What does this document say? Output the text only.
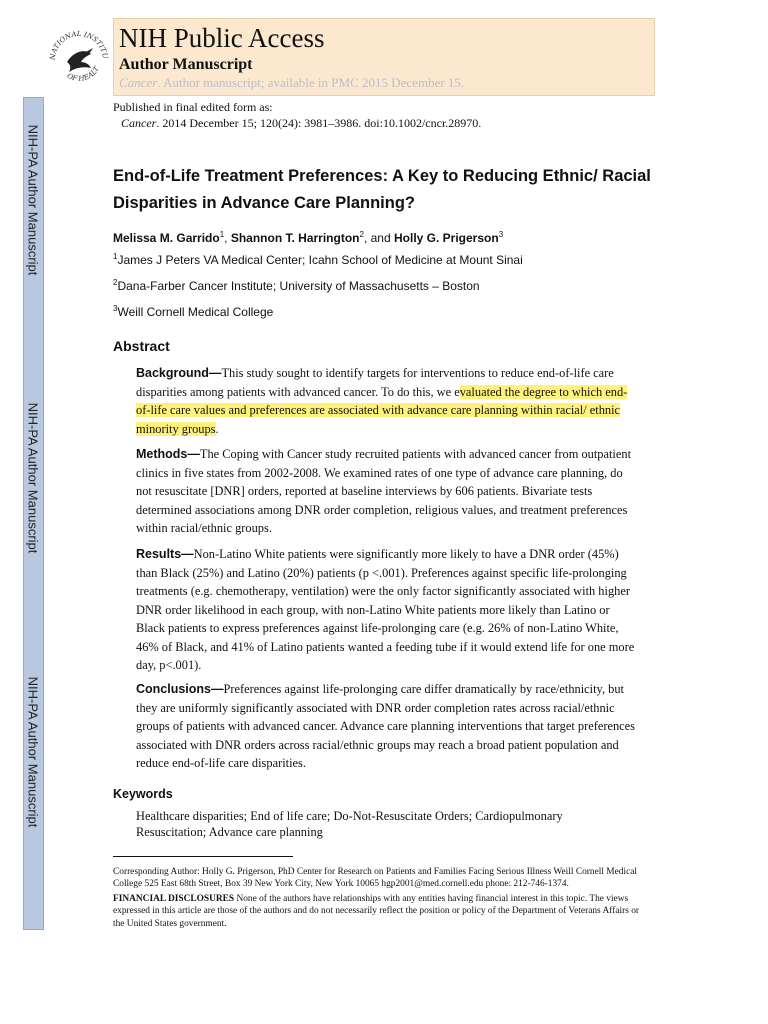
NIH-PA Author Manuscript
NIH-PA Author Manuscript
NIH-PA Author Manuscript
NATIONAL INSTITU
OF HEALT
NIH Public Access
Author Manuscript
Cancer. Author manuscript; available in PMC 2015 December 15.
Published in final edited form as:
Cancer. 2014 December 15; 120(24): 3981–3986. doi:10.1002/cncr.28970.
End-of-Life Treatment Preferences: A Key to Reducing Ethnic/ Racial Disparities in Advance Care Planning?
Melissa M. Garrido$^1$, Shannon T. Harrington$^2$, and Holly G. Prigerson$^3$
$^1$James J Peters VA Medical Center; Icahn School of Medicine at Mount Sinai
$^2$Dana-Farber Cancer Institute; University of Massachusetts – Boston
$^3$Weill Cornell Medical College
Abstract
Background—This study sought to identify targets for interventions to reduce end-of-life care disparities among patients with advanced cancer. To do this, we evaluated the degree to which end-of-life care values and preferences are associated with advance care planning within racial/ ethnic minority groups.
Methods—The Coping with Cancer study recruited patients with advanced cancer from outpatient clinics in five states from 2002-2008. We examined rates of one type of advance care planning, do not resuscitate [DNR] orders, reported at baseline interviews by 606 patients. Bivariate tests determined associations among DNR order completion, religious values, and treatment preferences within racial/ethnic groups.
Results—Non-Latino White patients were significantly more likely to have a DNR order (45%) than Black (25%) and Latino (20%) patients (p <.001). Preferences against specific life-prolonging treatments (e.g. chemotherapy, ventilation) were the only factor significantly associated with higher DNR order likelihood in each group, with non-Latino White patients more likely than Latino or Black patients to express preferences against life-prolonging care (e.g. 26% of non-Latino White, 46% of Black, and 41% of Latino patients wanted a feeding tube if it would extend life for one more day, p<.001).
Conclusions—Preferences against life-prolonging care differ dramatically by race/ethnicity, but they are uniformly significantly associated with DNR order completion rates across racial/ethnic groups of patients with advanced cancer. Advance care planning interventions that target preferences associated with DNR orders across racial/ethnic groups may reach a broad patient population and reduce end-of-life care disparities.
Keywords
Healthcare disparities; End of life care; Do-Not-Resuscitate Orders; Cardiopulmonary Resuscitation; Advance care planning
Corresponding Author: Holly G. Prigerson, PhD Center for Research on Patients and Families Facing Serious Illness Weill Cornell Medical College 525 East 68th Street, Box 39 New York City, New York 10065 hgp2001@med.cornell.edu phone: 212-746-1374.
FINANCIAL DISCLOSURES None of the authors have relationships with any entities having financial interest in this topic. The views expressed in this article are those of the authors and do not necessarily reflect the position or policy of the Department of Veterans Affairs or the United States government.
